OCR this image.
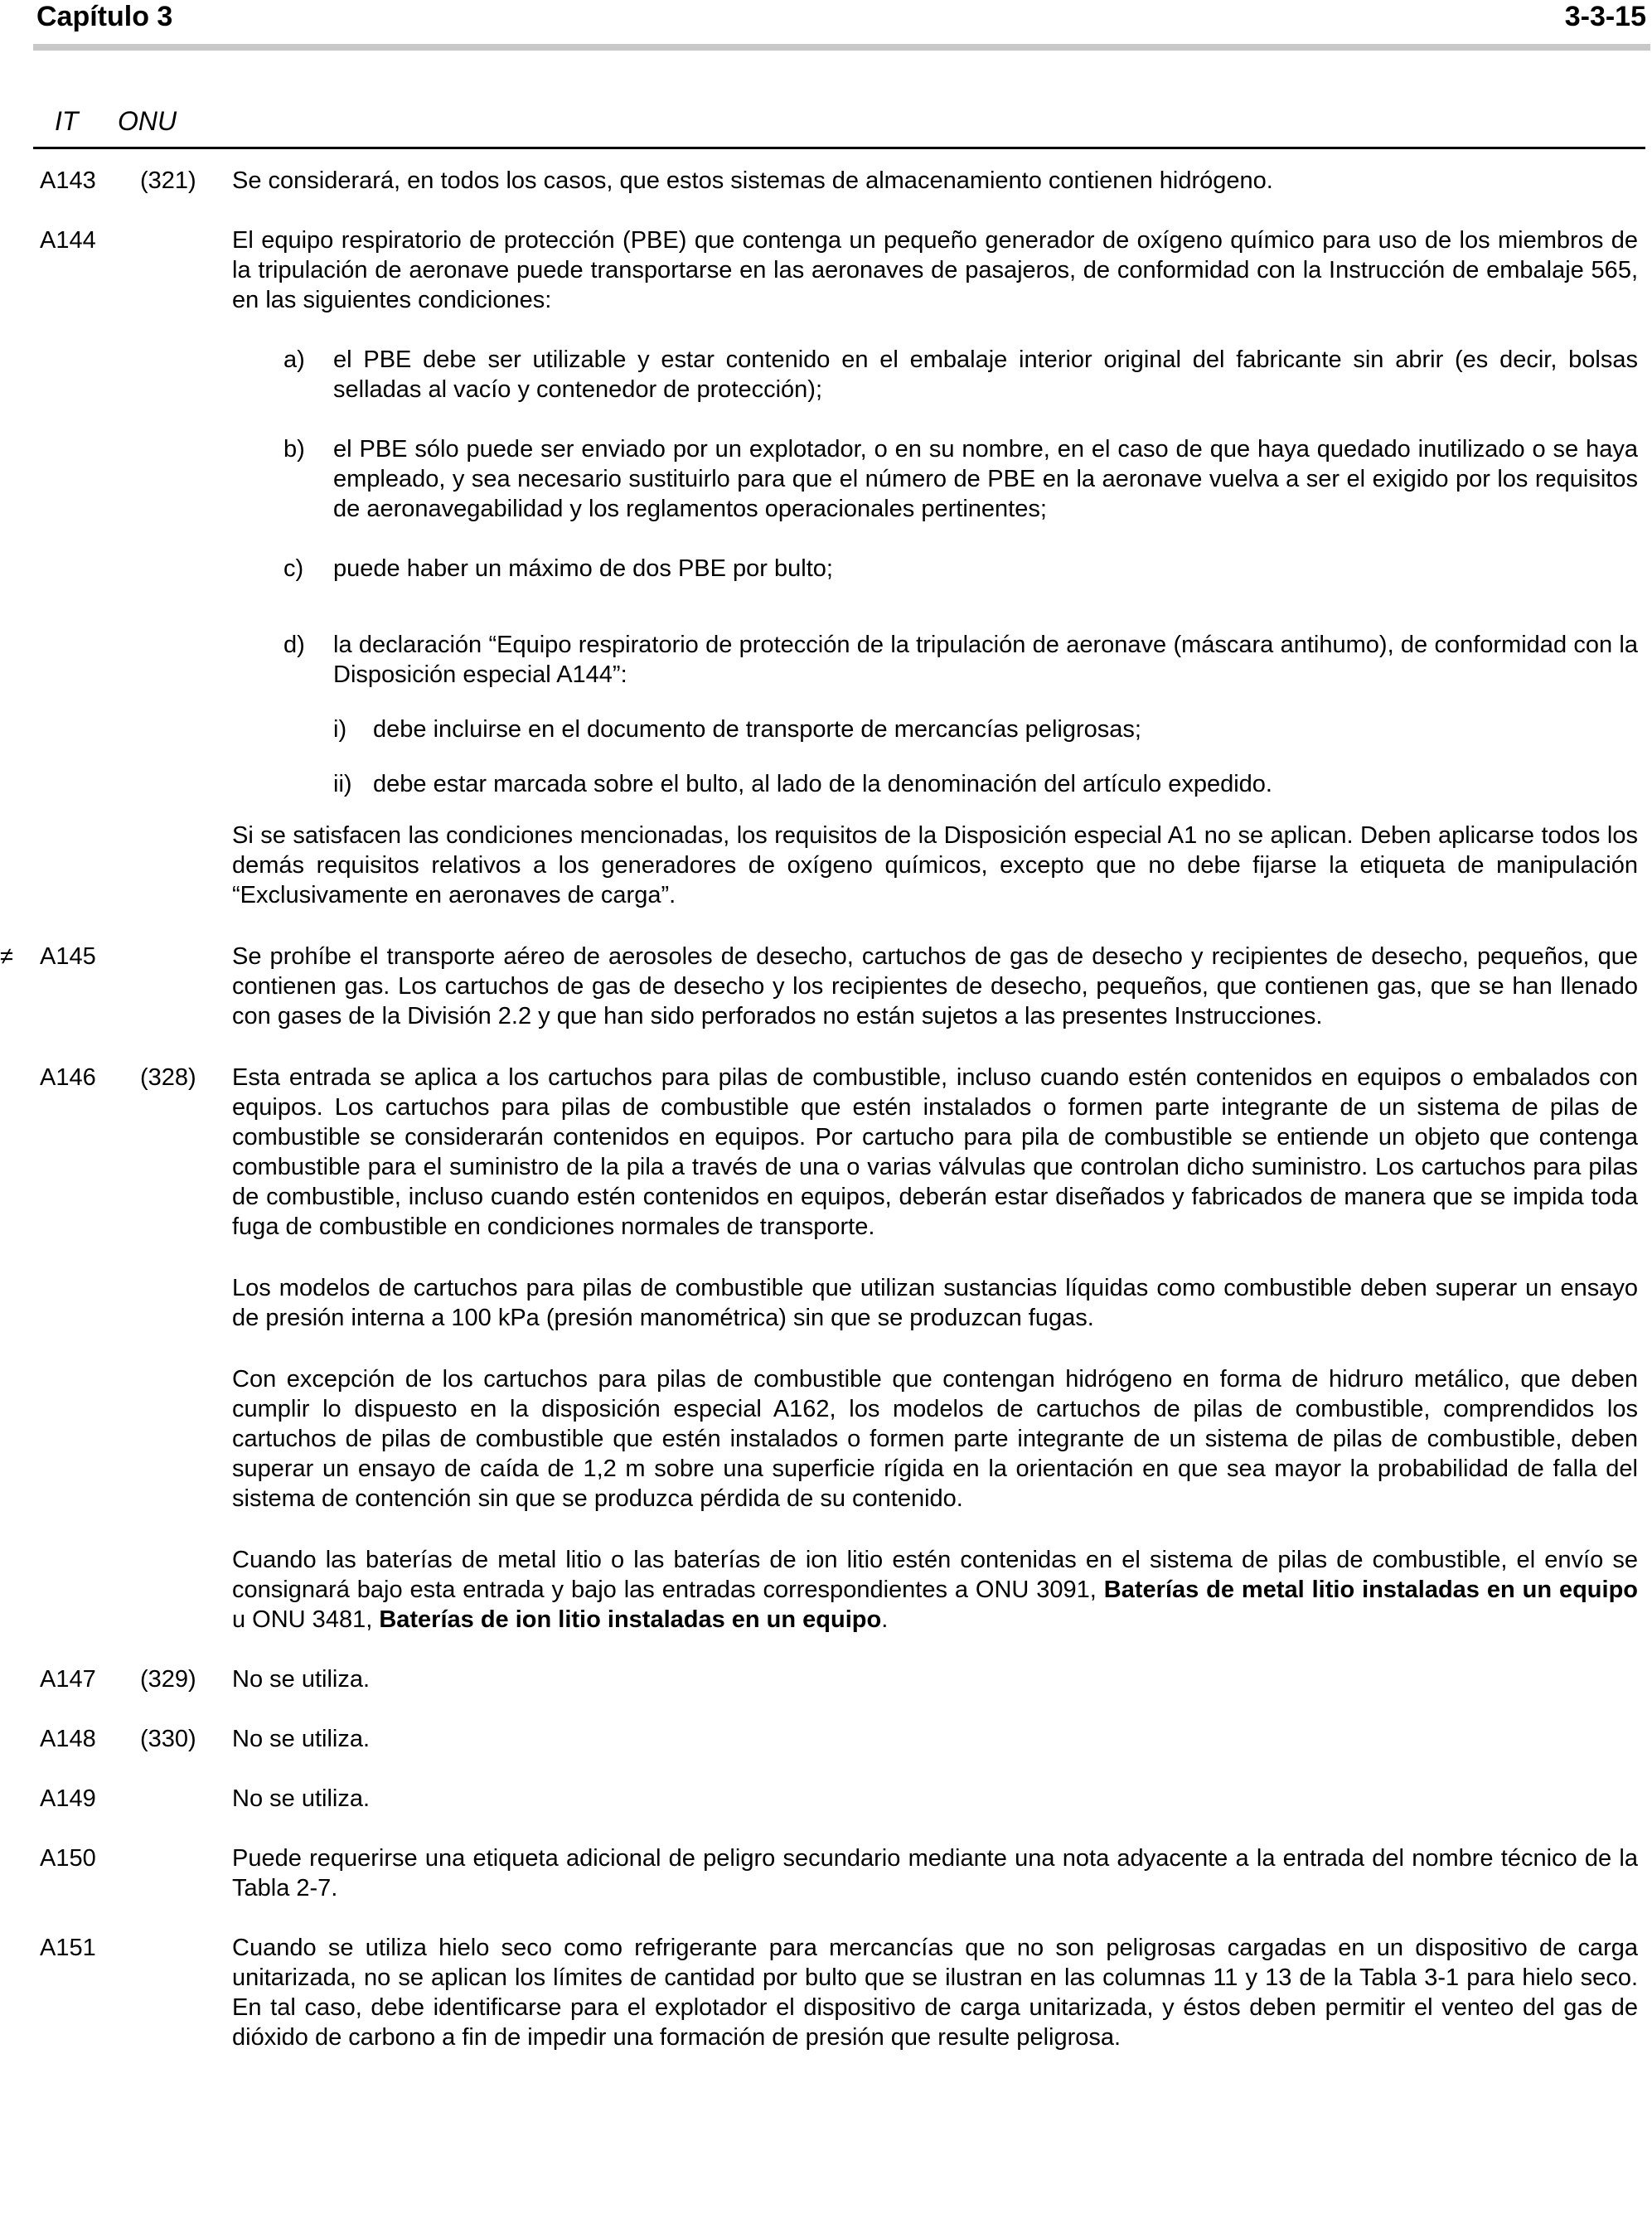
Capítulo 3	3-3-15
IT ONU
A143 (321) Se considerará, en todos los casos, que estos sistemas de almacenamiento contienen hidrógeno.

A144	El equipo respiratorio de protección (PBE) que contenga un pequeño generador de oxígeno químico para uso de los miembros de la tripulación de aeronave puede transportarse en las aeronaves de pasajeros, de conformidad con la Instrucción de embalaje 565, en las siguientes condiciones:

a) el PBE debe ser utilizable y estar contenido en el embalaje interior original del fabricante sin abrir (es decir, bolsas selladas al vacío y contenedor de protección);

b) el PBE sólo puede ser enviado por un explotador, o en su nombre, en el caso de que haya quedado inutilizado o se haya empleado, y sea necesario sustituirlo para que el número de PBE en la aeronave vuelva a ser el exigido por los requisitos de aeronavegabilidad y los reglamentos operacionales pertinentes;

c) puede haber un máximo de dos PBE por bulto;

d) la declaración “Equipo respiratorio de protección de la tripulación de aeronave (máscara antihumo), de conformidad con la Disposición especial A144”:

i) debe incluirse en el documento de transporte de mercancías peligrosas;

ii) debe estar marcada sobre el bulto, al lado de la denominación del artículo expedido.

Si se satisfacen las condiciones mencionadas, los requisitos de la Disposición especial A1 no se aplican. Deben aplicarse todos los demás requisitos relativos a los generadores de oxígeno químicos, excepto que no debe fijarse la etiqueta de manipulación “Exclusivamente en aeronaves de carga”.

≠ A145	Se prohíbe el transporte aéreo de aerosoles de desecho, cartuchos de gas de desecho y recipientes de desecho, pequeños, que contienen gas. Los cartuchos de gas de desecho y los recipientes de desecho, pequeños, que contienen gas, que se han llenado con gases de la División 2.2 y que han sido perforados no están sujetos a las presentes Instrucciones.

A146 (328) Esta entrada se aplica a los cartuchos para pilas de combustible, incluso cuando estén contenidos en equipos o embalados con equipos. Los cartuchos para pilas de combustible que estén instalados o formen parte integrante de un sistema de pilas de combustible se considerarán contenidos en equipos. Por cartucho para pila de combustible se entiende un objeto que contenga combustible para el suministro de la pila a través de una o varias válvulas que controlan dicho suministro. Los cartuchos para pilas de combustible, incluso cuando estén contenidos en equipos, deberán estar diseñados y fabricados de manera que se impida toda fuga de combustible en condiciones normales de transporte.

Los modelos de cartuchos para pilas de combustible que utilizan sustancias líquidas como combustible deben superar un ensayo de presión interna a 100 kPa (presión manométrica) sin que se produzcan fugas.

Con excepción de los cartuchos para pilas de combustible que contengan hidrógeno en forma de hidruro metálico, que deben cumplir lo dispuesto en la disposición especial A162, los modelos de cartuchos de pilas de combustible, comprendidos los cartuchos de pilas de combustible que estén instalados o formen parte integrante de un sistema de pilas de combustible, deben superar un ensayo de caída de 1,2 m sobre una superficie rígida en la orientación en que sea mayor la probabilidad de falla del sistema de contención sin que se produzca pérdida de su contenido.

Cuando las baterías de metal litio o las baterías de ion litio estén contenidas en el sistema de pilas de combustible, el envío se consignará bajo esta entrada y bajo las entradas correspondientes a ONU 3091, Baterías de metal litio instaladas en un equipo u ONU 3481, Baterías de ion litio instaladas en un equipo.

A147 (329) No se utiliza.

A148 (330) No se utiliza.

A149	No se utiliza.

A150	Puede requerirse una etiqueta adicional de peligro secundario mediante una nota adyacente a la entrada del nombre técnico de la Tabla 2-7.

A151	Cuando se utiliza hielo seco como refrigerante para mercancías que no son peligrosas cargadas en un dispositivo de carga unitarizada, no se aplican los límites de cantidad por bulto que se ilustran en las columnas 11 y 13 de la Tabla 3-1 para hielo seco. En tal caso, debe identificarse para el explotador el dispositivo de carga unitarizada, y éstos deben permitir el venteo del gas de dióxido de carbono a fin de impedir una formación de presión que resulte peligrosa.
